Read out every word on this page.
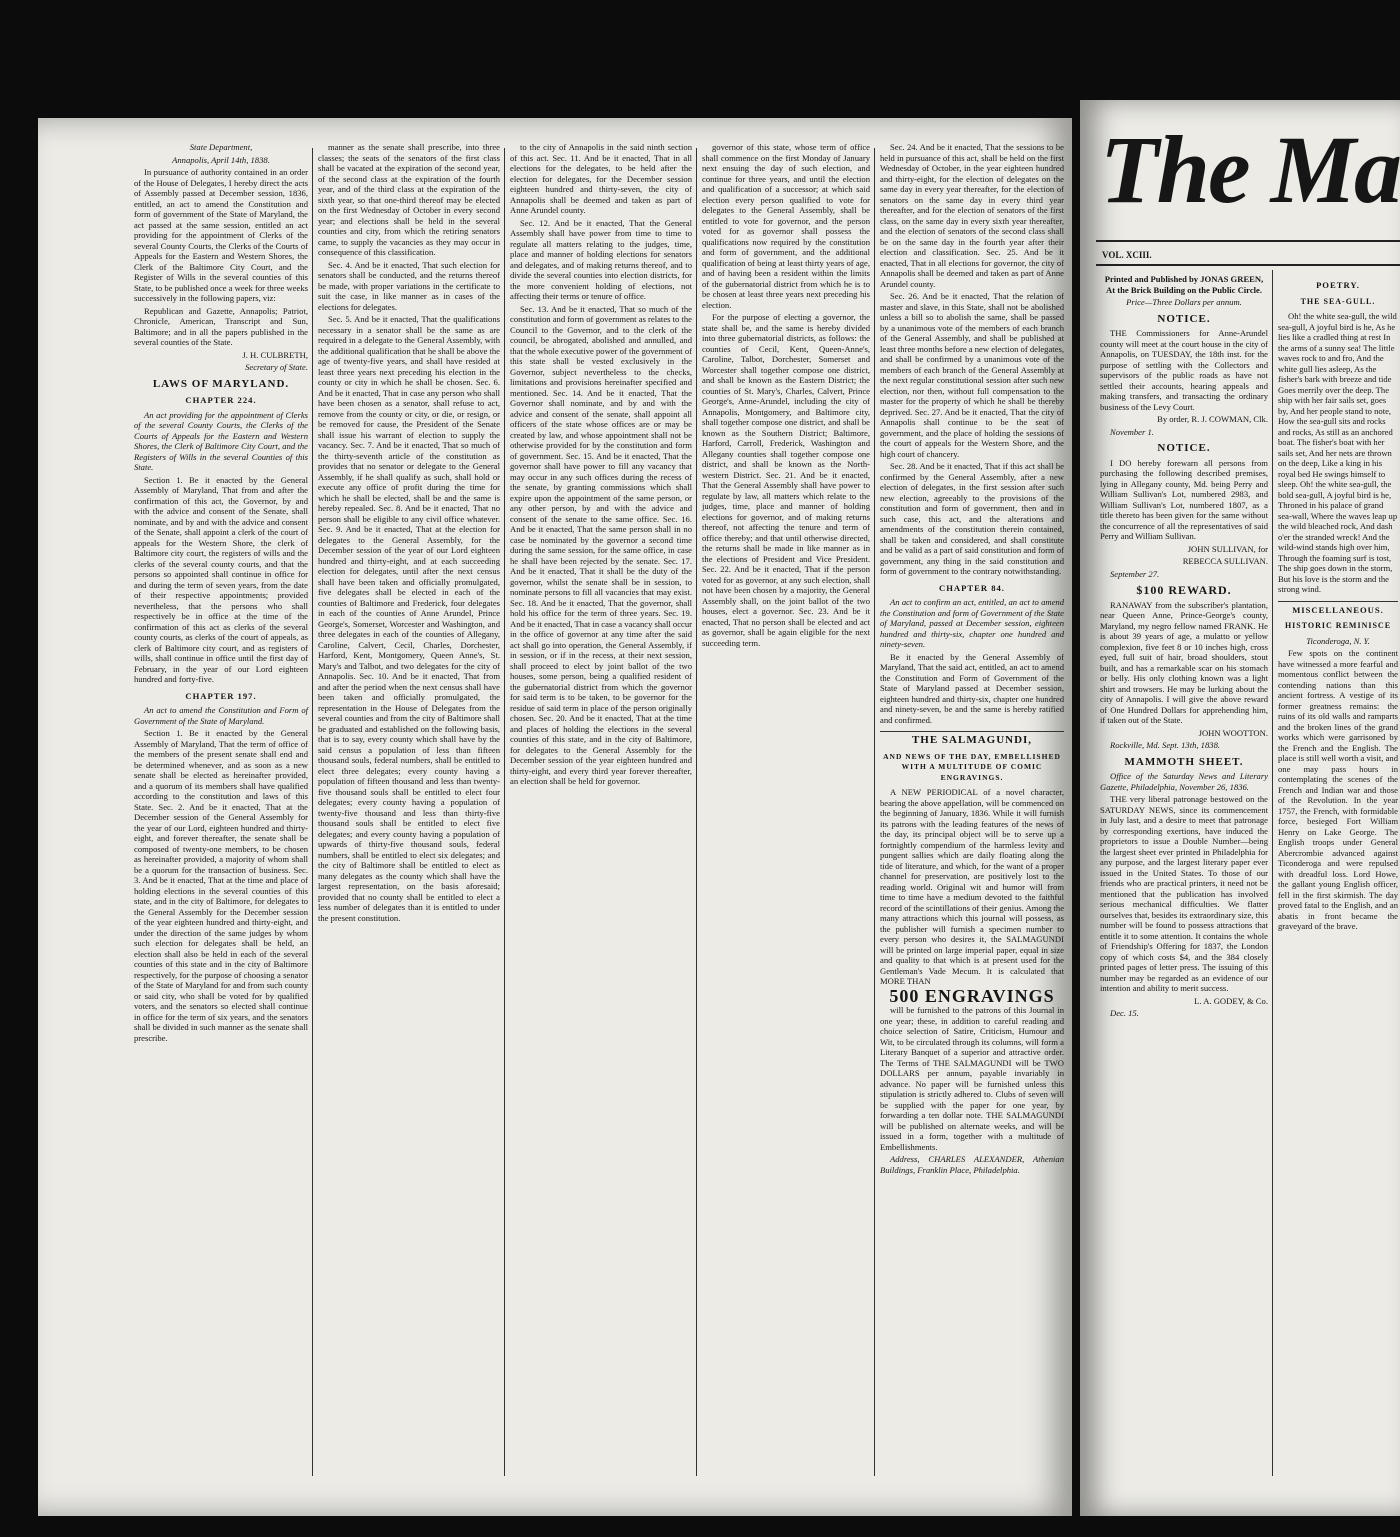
State Department,

Annapolis, April 14th, 1838.

In pursuance of authority contained in an order of the House of Delegates, I hereby direct the acts of Assembly passed at December session, 1836, entitled, an act to amend the Constitution and form of government of the State of Maryland, the act passed at the same session, entitled an act providing for the appointment of Clerks of the several County Courts, the Clerks of the Courts of Appeals for the Eastern and Western Shores, the Clerk of the Baltimore City Court, and the Register of Wills in the several counties of this State, to be published once a week for three weeks successively in the following papers, viz:

Republican and Gazette, Annapolis; Patriot, Chronicle, American, Transcript and Sun, Baltimore; and in all the papers published in the several counties of the State.

J. H. CULBRETH,

Secretary of State.

LAWS OF MARYLAND.
CHAPTER 224.

An act providing for the appointment of Clerks of the several County Courts, the Clerks of the Courts of Appeals for the Eastern and Western Shores, the Clerk of Baltimore City Court, and the Registers of Wills in the several Counties of this State.

Section 1. Be it enacted by the General Assembly of Maryland, That from and after the confirmation of this act, the Governor, by and with the advice and consent of the Senate, shall nominate, and by and with the advice and consent of the Senate, shall appoint a clerk of the court of appeals for the Western Shore, the clerk of Baltimore city court, the registers of wills and the clerks of the several county courts, and that the persons so appointed shall continue in office for and during the term of seven years, from the date of their respective appointments; provided nevertheless, that the persons who shall respectively be in office at the time of the confirmation of this act as clerks of the several county courts, as clerks of the court of appeals, as clerk of Baltimore city court, and as registers of wills, shall continue in office until the first day of February, in the year of our Lord eighteen hundred and forty-five.

CHAPTER 197.

An act to amend the Constitution and Form of Government of the State of Maryland.

Section 1. Be it enacted by the General Assembly of Maryland, That the term of office of the members of the present senate shall end and be determined whenever, and as soon as a new senate shall be elected as hereinafter provided, and a quorum of its members shall have qualified according to the constitution and laws of this State. Sec. 2. And be it enacted, That at the December session of the General Assembly for the year of our Lord, eighteen hundred and thirty-eight, and forever thereafter, the senate shall be composed of twenty-one members, to be chosen as hereinafter provided, a majority of whom shall be a quorum for the transaction of business. Sec. 3. And be it enacted, That at the time and place of holding elections in the several counties of this state, and in the city of Baltimore, for delegates to the General Assembly for the December session of the year eighteen hundred and thirty-eight, and under the direction of the same judges by whom such election for delegates shall be held, an election shall also be held in each of the several counties of this state and in the city of Baltimore respectively, for the purpose of choosing a senator of the State of Maryland for and from such county or said city, who shall be voted for by qualified voters, and the senators so elected shall continue in office for the term of six years, and the senators shall be divided in such manner as the senate shall prescribe.

manner as the senate shall prescribe, into three classes; the seats of the senators of the first class shall be vacated at the expiration of the second year, of the second class at the expiration of the fourth year, and of the third class at the expiration of the sixth year, so that one-third thereof may be elected on the first Wednesday of October in every second year; and elections shall be held in the several counties and city, from which the retiring senators came, to supply the vacancies as they may occur in consequence of this classification.

Sec. 4. And be it enacted, That such election for senators shall be conducted, and the returns thereof be made, with proper variations in the certificate to suit the case, in like manner as in cases of the elections for delegates.

Sec. 5. And be it enacted, That the qualifications necessary in a senator shall be the same as are required in a delegate to the General Assembly, with the additional qualification that he shall be above the age of twenty-five years, and shall have resided at least three years next preceding his election in the county or city in which he shall be chosen. Sec. 6. And be it enacted, That in case any person who shall have been chosen as a senator, shall refuse to act, remove from the county or city, or die, or resign, or be removed for cause, the President of the Senate shall issue his warrant of election to supply the vacancy. Sec. 7. And be it enacted, That so much of the thirty-seventh article of the constitution as provides that no senator or delegate to the General Assembly, if he shall qualify as such, shall hold or execute any office of profit during the time for which he shall be elected, shall be and the same is hereby repealed. Sec. 8. And be it enacted, That no person shall be eligible to any civil office whatever. Sec. 9. And be it enacted, That at the election for delegates to the General Assembly, for the December session of the year of our Lord eighteen hundred and thirty-eight, and at each succeeding election for delegates, until after the next census shall have been taken and officially promulgated, five delegates shall be elected in each of the counties of Baltimore and Frederick, four delegates in each of the counties of Anne Arundel, Prince George's, Somerset, Worcester and Washington, and three delegates in each of the counties of Allegany, Caroline, Calvert, Cecil, Charles, Dorchester, Harford, Kent, Montgomery, Queen Anne's, St. Mary's and Talbot, and two delegates for the city of Annapolis. Sec. 10. And be it enacted, That from and after the period when the next census shall have been taken and officially promulgated, the representation in the House of Delegates from the several counties and from the city of Baltimore shall be graduated and established on the following basis, that is to say, every county which shall have by the said census a population of less than fifteen thousand souls, federal numbers, shall be entitled to elect three delegates; every county having a population of fifteen thousand and less than twenty-five thousand souls shall be entitled to elect four delegates; every county having a population of twenty-five thousand and less than thirty-five thousand souls shall be entitled to elect five delegates; and every county having a population of upwards of thirty-five thousand souls, federal numbers, shall be entitled to elect six delegates; and the city of Baltimore shall be entitled to elect as many delegates as the county which shall have the largest representation, on the basis aforesaid; provided that no county shall be entitled to elect a less number of delegates than it is entitled to under the present constitution.

to the city of Annapolis in the said ninth section of this act. Sec. 11. And be it enacted, That in all elections for the delegates, to be held after the election for delegates, for the December session eighteen hundred and thirty-seven, the city of Annapolis shall be deemed and taken as part of Anne Arundel county.

Sec. 12. And be it enacted, That the General Assembly shall have power from time to time to regulate all matters relating to the judges, time, place and manner of holding elections for senators and delegates, and of making returns thereof, and to divide the several counties into election districts, for the more convenient holding of elections, not affecting their terms or tenure of office.

Sec. 13. And be it enacted, That so much of the constitution and form of government as relates to the Council to the Governor, and to the clerk of the council, be abrogated, abolished and annulled, and that the whole executive power of the government of this state shall be vested exclusively in the Governor, subject nevertheless to the checks, limitations and provisions hereinafter specified and mentioned. Sec. 14. And be it enacted, That the Governor shall nominate, and by and with the advice and consent of the senate, shall appoint all officers of the state whose offices are or may be created by law, and whose appointment shall not be otherwise provided for by the constitution and form of government. Sec. 15. And be it enacted, That the governor shall have power to fill any vacancy that may occur in any such offices during the recess of the senate, by granting commissions which shall expire upon the appointment of the same person, or any other person, by and with the advice and consent of the senate to the same office. Sec. 16. And be it enacted, That the same person shall in no case be nominated by the governor a second time during the same session, for the same office, in case he shall have been rejected by the senate. Sec. 17. And be it enacted, That it shall be the duty of the governor, whilst the senate shall be in session, to nominate persons to fill all vacancies that may exist. Sec. 18. And be it enacted, That the governor, shall hold his office for the term of three years. Sec. 19. And be it enacted, That in case a vacancy shall occur in the office of governor at any time after the said act shall go into operation, the General Assembly, if in session, or if in the recess, at their next session, shall proceed to elect by joint ballot of the two houses, some person, being a qualified resident of the gubernatorial district from which the governor for said term is to be taken, to be governor for the residue of said term in place of the person originally chosen. Sec. 20. And be it enacted, That at the time and places of holding the elections in the several counties of this state, and in the city of Baltimore, for delegates to the General Assembly for the December session of the year eighteen hundred and thirty-eight, and every third year forever thereafter, an election shall be held for governor.

governor of this state, whose term of office shall commence on the first Monday of January next ensuing the day of such election, and continue for three years, and until the election and qualification of a successor; at which said election every person qualified to vote for delegates to the General Assembly, shall be entitled to vote for governor, and the person voted for as governor shall possess the qualifications now required by the constitution and form of government, and the additional qualification of being at least thirty years of age, and of having been a resident within the limits of the gubernatorial district from which he is to be chosen at least three years next preceding his election.

For the purpose of electing a governor, the state shall be, and the same is hereby divided into three gubernatorial districts, as follows: the counties of Cecil, Kent, Queen-Anne's, Caroline, Talbot, Dorchester, Somerset and Worcester shall together compose one district, and shall be known as the Eastern District; the counties of St. Mary's, Charles, Calvert, Prince George's, Anne-Arundel, including the city of Annapolis, Montgomery, and Baltimore city, shall together compose one district, and shall be known as the Southern District; Baltimore, Harford, Carroll, Frederick, Washington and Allegany counties shall together compose one district, and shall be known as the North-western District. Sec. 21. And be it enacted, That the General Assembly shall have power to regulate by law, all matters which relate to the judges, time, place and manner of holding elections for governor, and of making returns thereof, not affecting the tenure and term of office thereby; and that until otherwise directed, the returns shall be made in like manner as in the elections of President and Vice President. Sec. 22. And be it enacted, That if the person voted for as governor, at any such election, shall not have been chosen by a majority, the General Assembly shall, on the joint ballot of the two houses, elect a governor. Sec. 23. And be it enacted, That no person shall be elected and act as governor, shall be again eligible for the next succeeding term.

Sec. 24. And be it enacted, That the sessions to be held in pursuance of this act, shall be held on the first Wednesday of October, in the year eighteen hundred and thirty-eight, for the election of delegates on the same day in every year thereafter, for the election of senators on the same day in every third year thereafter, and for the election of senators of the first class, on the same day in every sixth year thereafter, and the election of senators of the second class shall be on the same day in the fourth year after their election and classification. Sec. 25. And be it enacted, That in all elections for governor, the city of Annapolis shall be deemed and taken as part of Anne Arundel county.

Sec. 26. And be it enacted, That the relation of master and slave, in this State, shall not be abolished unless a bill so to abolish the same, shall be passed by a unanimous vote of the members of each branch of the General Assembly, and shall be published at least three months before a new election of delegates, and shall be confirmed by a unanimous vote of the members of each branch of the General Assembly at the next regular constitutional session after such new election, nor then, without full compensation to the master for the property of which he shall be thereby deprived. Sec. 27. And be it enacted, That the city of Annapolis shall continue to be the seat of government, and the place of holding the sessions of the court of appeals for the Western Shore, and the high court of chancery.

Sec. 28. And be it enacted, That if this act shall be confirmed by the General Assembly, after a new election of delegates, in the first session after such new election, agreeably to the provisions of the constitution and form of government, then and in such case, this act, and the alterations and amendments of the constitution therein contained, shall be taken and considered, and shall constitute and be valid as a part of said constitution and form of government, any thing in the said constitution and form of government to the contrary notwithstanding.

CHAPTER 84.

An act to confirm an act, entitled, an act to amend the Constitution and form of Government of the State of Maryland, passed at December session, eighteen hundred and thirty-six, chapter one hundred and ninety-seven.

Be it enacted by the General Assembly of Maryland, That the said act, entitled, an act to amend the Constitution and Form of Government of the State of Maryland passed at December session, eighteen hundred and thirty-six, chapter one hundred and ninety-seven, be and the same is hereby ratified and confirmed.

THE SALMAGUNDI,
AND NEWS OF THE DAY, EMBELLISHED WITH A MULTITUDE OF COMIC ENGRAVINGS.

A NEW PERIODICAL of a novel character, bearing the above appellation, will be commenced on the beginning of January, 1836. While it will furnish its patrons with the leading features of the news of the day, its principal object will be to serve up a fortnightly compendium of the harmless levity and pungent sallies which are daily floating along the tide of literature, and which, for the want of a proper channel for preservation, are positively lost to the reading world. Original wit and humor will from time to time have a medium devoted to the faithful record of the scintillations of their genius. Among the many attractions which this journal will possess, as the publisher will furnish a specimen number to every person who desires it, the SALMAGUNDI will be printed on large imperial paper, equal in size and quality to that which is at present used for the Gentleman's Vade Mecum. It is calculated that MORE THAN

500 ENGRAVINGS

will be furnished to the patrons of this Journal in one year; these, in addition to careful reading and choice selection of Satire, Criticism, Humour and Wit, to be circulated through its columns, will form a Literary Banquet of a superior and attractive order. The Terms of THE SALMAGUNDI will be TWO DOLLARS per annum, payable invariably in advance. No paper will be furnished unless this stipulation is strictly adhered to. Clubs of seven will be supplied with the paper for one year, by forwarding a ten dollar note. THE SALMAGUNDI will be published on alternate weeks, and will be issued in a form, together with a multitude of Embellishments.

Address, CHARLES ALEXANDER, Athenian Buildings, Franklin Place, Philadelphia.

The Ma
VOL. XCIII.

Printed and Published by JONAS GREEN, At the Brick Building on the Public Circle.

Price—Three Dollars per annum.

NOTICE.

THE Commissioners for Anne-Arundel county will meet at the court house in the city of Annapolis, on TUESDAY, the 18th inst. for the purpose of settling with the Collectors and supervisors of the public roads as have not settled their accounts, hearing appeals and making transfers, and transacting the ordinary business of the Levy Court.

By order, R. J. COWMAN, Clk.

November 1.

NOTICE.

I DO hereby forewarn all persons from purchasing the following described premises, lying in Allegany county, Md. being Perry and William Sullivan's Lot, numbered 2983, and William Sullivan's Lot, numbered 1807, as a title thereto has been given for the same without the concurrence of all the representatives of said Perry and William Sullivan.

JOHN SULLIVAN, for

REBECCA SULLIVAN.

September 27.

$100 REWARD.

RANAWAY from the subscriber's plantation, near Queen Anne, Prince-George's county, Maryland, my negro fellow named FRANK. He is about 39 years of age, a mulatto or yellow complexion, five feet 8 or 10 inches high, cross eyed, full suit of hair, broad shoulders, stout built, and has a remarkable scar on his stomach or belly. His only clothing known was a light shirt and trowsers. He may be lurking about the city of Annapolis. I will give the above reward of One Hundred Dollars for apprehending him, if taken out of the State.

JOHN WOOTTON.

Rockville, Md. Sept. 13th, 1838.

MAMMOTH SHEET.

Office of the Saturday News and Literary Gazette, Philadelphia, November 26, 1836.

THE very liberal patronage bestowed on the SATURDAY NEWS, since its commencement in July last, and a desire to meet that patronage by corresponding exertions, have induced the proprietors to issue a Double Number—being the largest sheet ever printed in Philadelphia for any purpose, and the largest literary paper ever issued in the United States. To those of our friends who are practical printers, it need not be mentioned that the publication has involved serious mechanical difficulties. We flatter ourselves that, besides its extraordinary size, this number will be found to possess attractions that entitle it to some attention. It contains the whole of Friendship's Offering for 1837, the London copy of which costs $4, and the 384 closely printed pages of letter press. The issuing of this number may be regarded as an evidence of our intention and ability to merit success.

L. A. GODEY, & Co.

Dec. 15.

POETRY.
THE SEA-GULL.

Oh! the white sea-gull, the wild sea-gull, A joyful bird is he, As he lies like a cradled thing at rest In the arms of a sunny sea! The little waves rock to and fro, And the white gull lies asleep, As the fisher's bark with breeze and tide Goes merrily over the deep. The ship with her fair sails set, goes by, And her people stand to note, How the sea-gull sits and rocks and rocks, As still as an anchored boat. The fisher's boat with her sails set, And her nets are thrown on the deep, Like a king in his royal bed He swings himself to sleep. Oh! the white sea-gull, the bold sea-gull, A joyful bird is he, Throned in his palace of grand sea-wall, Where the waves leap up the wild bleached rock, And dash o'er the stranded wreck! And the wild-wind stands high over him, Through the foaming surf is tost, The ship goes down in the storm, But his love is the storm and the strong wind.

MISCELLANEOUS.
HISTORIC REMINISCE

Ticonderoga, N. Y.

Few spots on the continent have witnessed a more fearful and momentous conflict between the contending nations than this ancient fortress. A vestige of its former greatness remains: the ruins of its old walls and ramparts and the broken lines of the grand works which were garrisoned by the French and the English. The place is still well worth a visit, and one may pass hours in contemplating the scenes of the French and Indian war and those of the Revolution. In the year 1757, the French, with formidable force, besieged Fort William Henry on Lake George. The English troops under General Abercrombie advanced against Ticonderoga and were repulsed with dreadful loss. Lord Howe, the gallant young English officer, fell in the first skirmish. The day proved fatal to the English, and an abatis in front became the graveyard of the brave.
